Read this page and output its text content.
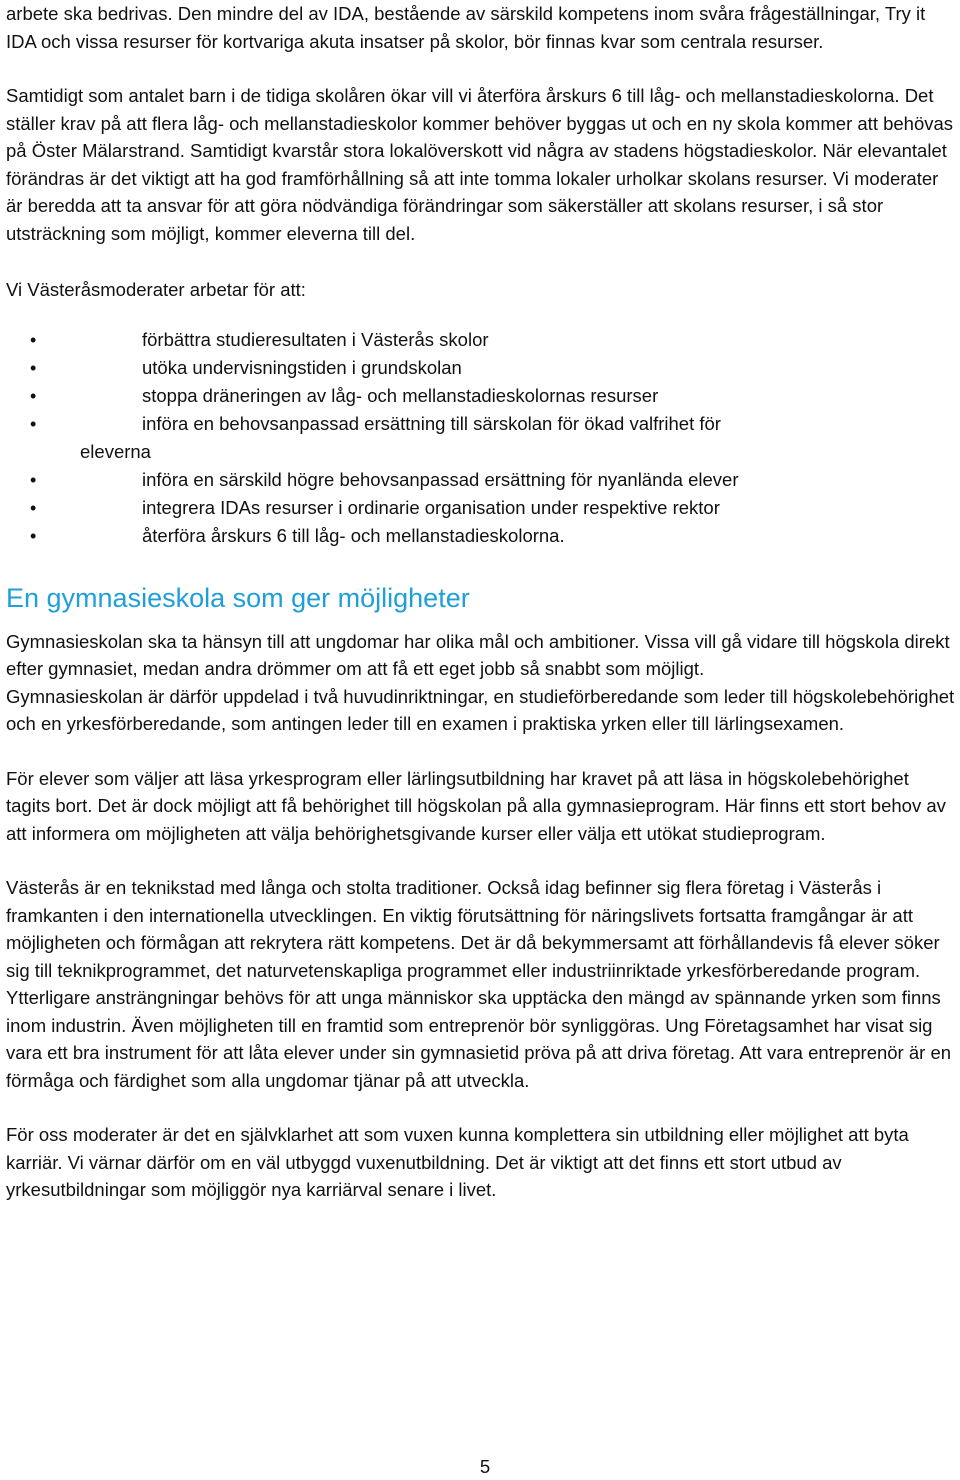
arbete ska bedrivas. Den mindre del av IDA, bestående av särskild kompetens inom svåra frågeställningar, Try it IDA och vissa resurser för kortvariga akuta insatser på skolor, bör finnas kvar som centrala resurser.

Samtidigt som antalet barn i de tidiga skolåren ökar vill vi återföra årskurs 6 till låg- och mellanstadieskolorna. Det ställer krav på att flera låg- och mellanstadieskolor kommer behöver byggas ut och en ny skola kommer att behövas på Öster Mälarstrand. Samtidigt kvarstår stora lokalöverskott vid några av stadens högstadieskolor. När elevantalet förändras är det viktigt att ha god framförhållning så att inte tomma lokaler urholkar skolans resurser. Vi moderater är beredda att ta ansvar för att göra nödvändiga förändringar som säkerställer att skolans resurser, i så stor utsträckning som möjligt, kommer eleverna till del.

Vi Västeråsmoderater arbetar för att:

•	förbättra studieresultaten i Västerås skolor
•	utöka undervisningstiden i grundskolan
•	stoppa dräneringen av låg- och mellanstadieskolornas resurser
•	införa en behovsanpassad ersättning till särskolan för ökad valfrihet för
eleverna
•	införa en särskild högre behovsanpassad ersättning för nyanlända elever
•	integrera IDAs resurser i ordinarie organisation under respektive rektor
•	återföra årskurs 6 till låg- och mellanstadieskolorna.
En gymnasieskola som ger möjligheter

Gymnasieskolan ska ta hänsyn till att ungdomar har olika mål och ambitioner. Vissa vill gå vidare till högskola direkt efter gymnasiet, medan andra drömmer om att få ett eget jobb så snabbt som möjligt.

Gymnasieskolan är därför uppdelad i två huvudinriktningar, en studieförberedande som leder till högskolebehörighet och en yrkesförberedande, som antingen leder till en examen i praktiska yrken eller till lärlingsexamen.

För elever som väljer att läsa yrkesprogram eller lärlingsutbildning har kravet på att läsa in högskolebehörighet tagits bort. Det är dock möjligt att få behörighet till högskolan på alla gymnasieprogram. Här finns ett stort behov av att informera om möjligheten att välja behörighetsgivande kurser eller välja ett utökat studieprogram.

Västerås är en teknikstad med långa och stolta traditioner. Också idag befinner sig flera företag i Västerås i framkanten i den internationella utvecklingen. En viktig förutsättning för näringslivets fortsatta framgångar är att möjligheten och förmågan att rekrytera rätt kompetens. Det är då bekymmersamt att förhållandevis få elever söker sig till teknikprogrammet, det naturvetenskapliga programmet eller industriinriktade yrkesförberedande program. Ytterligare ansträngningar behövs för att unga människor ska upptäcka den mängd av spännande yrken som finns inom industrin. Även möjligheten till en framtid som entreprenör bör synliggöras. Ung Företagsamhet har visat sig vara ett bra instrument för att låta elever under sin gymnasietid pröva på att driva företag. Att vara entreprenör är en förmåga och färdighet som alla ungdomar tjänar på att utveckla.

För oss moderater är det en självklarhet att som vuxen kunna komplettera sin utbildning eller möjlighet att byta karriär. Vi värnar därför om en väl utbyggd vuxenutbildning. Det är viktigt att det finns ett stort utbud av yrkesutbildningar som möjliggör nya karriärval senare i livet.

5
